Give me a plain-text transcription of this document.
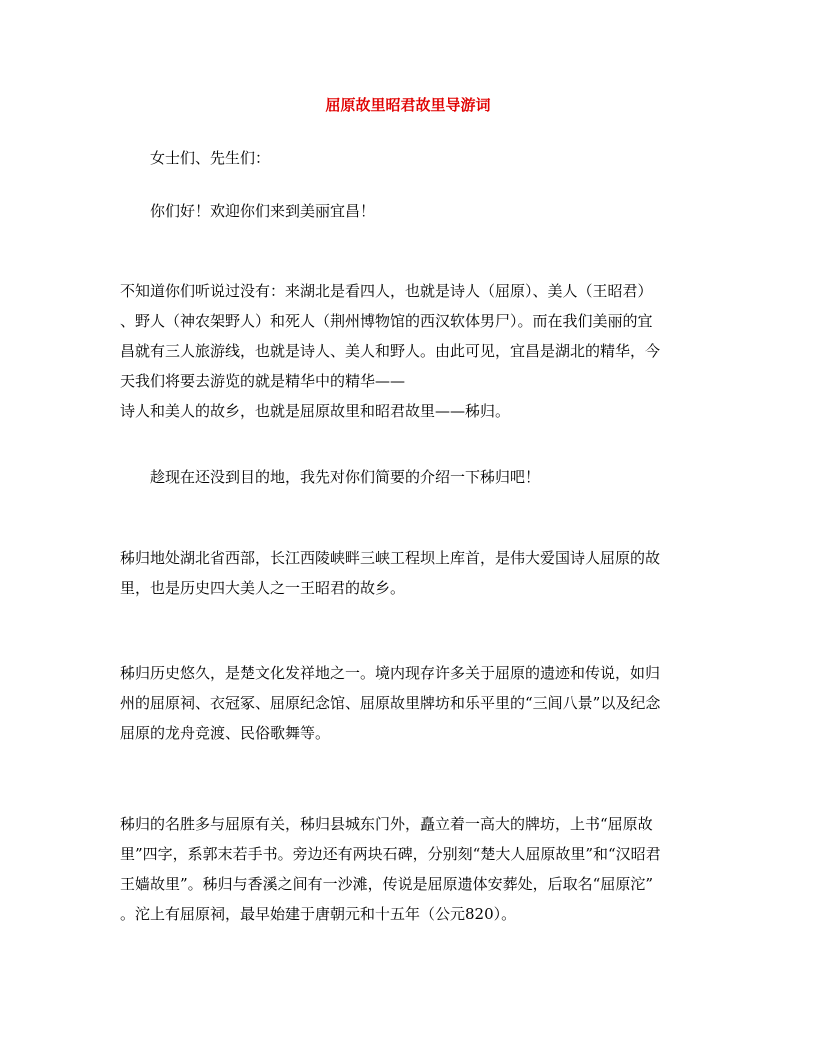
屈原故里昭君故里导游词
女士们、先生们：
你们好！欢迎你们来到美丽宜昌！
不知道你们听说过没有：来湖北是看四人，也就是诗人（屈原）、美人（王昭君）
、野人（神农架野人）和死人（荆州博物馆的西汉软体男尸）。而在我们美丽的宜
昌就有三人旅游线，也就是诗人、美人和野人。由此可见，宜昌是湖北的精华，今
天我们将要去游览的就是精华中的精华——
诗人和美人的故乡，也就是屈原故里和昭君故里——秭归。
趁现在还没到目的地，我先对你们简要的介绍一下秭归吧！
秭归地处湖北省西部，长江西陵峡畔三峡工程坝上库首，是伟大爱国诗人屈原的故
里，也是历史四大美人之一王昭君的故乡。
秭归历史悠久，是楚文化发祥地之一。境内现存许多关于屈原的遗迹和传说，如归
州的屈原祠、衣冠冢、屈原纪念馆、屈原故里牌坊和乐平里的“三闾八景”以及纪念
屈原的龙舟竞渡、民俗歌舞等。
秭归的名胜多与屈原有关，秭归县城东门外，矗立着一高大的牌坊，上书“屈原故
里”四字，系郭末若手书。旁边还有两块石碑，分别刻“楚大人屈原故里”和“汉昭君
王嫱故里”。秭归与香溪之间有一沙滩，传说是屈原遗体安葬处，后取名“屈原沱”
。沱上有屈原祠，最早始建于唐朝元和十五年（公元820）。
